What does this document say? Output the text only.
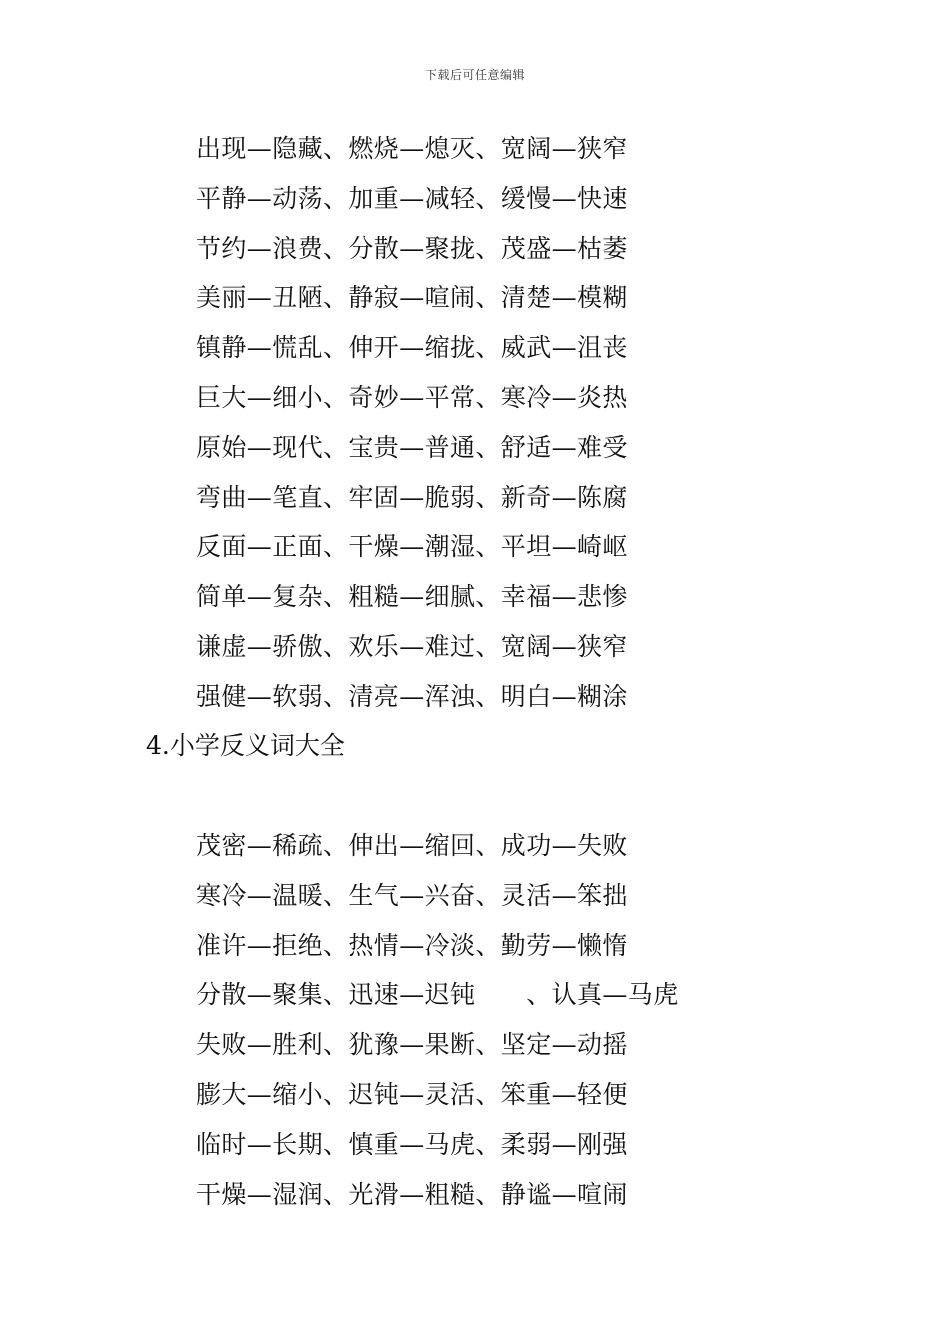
下载后可任意编辑
出现—隐藏、燃烧—熄灭、宽阔—狭窄
平静—动荡、加重—减轻、缓慢—快速
节约—浪费、分散—聚拢、茂盛—枯萎
美丽—丑陋、静寂—喧闹、清楚—模糊
镇静—慌乱、伸开—缩拢、威武—沮丧
巨大—细小、奇妙—平常、寒冷—炎热
原始—现代、宝贵—普通、舒适—难受
弯曲—笔直、牢固—脆弱、新奇—陈腐
反面—正面、干燥—潮湿、平坦—崎岖
简单—复杂、粗糙—细腻、幸福—悲惨
谦虚—骄傲、欢乐—难过、宽阔—狭窄
强健—软弱、清亮—浑浊、明白—糊涂
4.小学反义词大全
茂密—稀疏、伸出—缩回、成功—失败
寒冷—温暖、生气—兴奋、灵活—笨拙
准许—拒绝、热情—冷淡、勤劳—懒惰
分散—聚集、迅速—迟钝　　、认真—马虎
失败—胜利、犹豫—果断、坚定—动摇
膨大—缩小、迟钝—灵活、笨重—轻便
临时—长期、慎重—马虎、柔弱—刚强
干燥—湿润、光滑—粗糙、静谧—喧闹
